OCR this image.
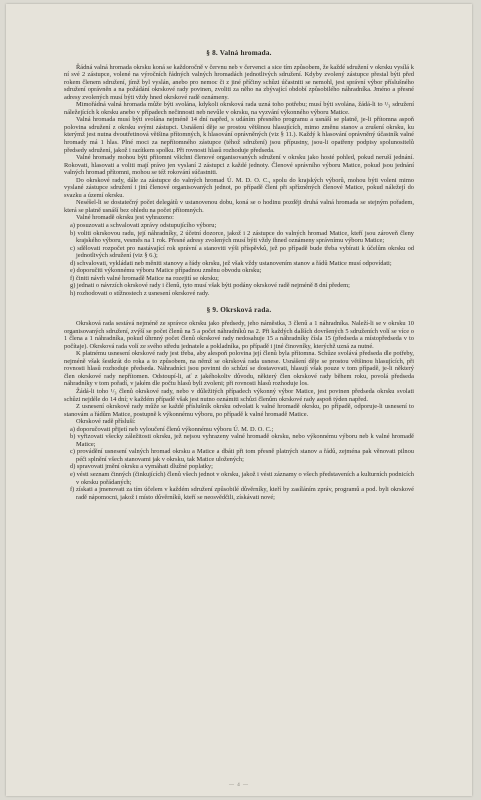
§ 8. Valná hromada.

Řádná valná hromada okrsku koná se každoročně v červnu neb v červenci a sice tím způsobem, že každé sdružení v okrsku vysílá k ní své 2 zástupce, volené na výročních řádných valných hromadách jednotlivých sdružení. Kdyby zvolený zástupce přestal býti před rokem členem sdružení, jímž byl vyslán, anebo pro nemoc či z jiné příčiny schůzi účastniti se nemohl, jest správní výbor příslušného sdružení oprávněn a na požádání okrskové rady povinen, zvoliti za něho na zbývající období způsobilého náhradníka. Jméno a přesné adresy zvolených musí býti vždy hned okrskové radě oznámeny.

Mimořádná valná hromada může býti svolána, kdykoli okrsková rada uzná toho potřebu; musí býti svolána, žádá-li to ¹/₃ sdružení náležejících k okrsku anebo v případech nečinnosti neb nevůle v okrsku, na vyzvání výkonného výboru Matice.

Valná hromada musí býti svolána nejméně 14 dní napřed, s udáním přesného programu a usnáší se platně, je-li přítomna aspoň polovina sdružení z okrsku svými zástupci. Usnášení děje se prostou většinou hlasujících, mimo změnu stanov a zrušení okrsku, ku kterýmž jest nutna dvoutřetinová většina přítomných, k hlasování oprávněných (viz § 11.). Každý k hlasování oprávněný účastník valné hromady má 1 hlas. Plné moci za nepřítomného zástupce (téhož sdružení) jsou přípustny, jsou-li opatřeny podpisy spolunositelů předsedy sdružení, jakož i razítkem spolku. Při rovnosti hlasů rozhoduje předseda.

Valné hromady mohou býti přítomni všichni členové organisovaných sdružení v okrsku jako hosté pohled, pokud neruší jednání. Rokovati, hlasovati a voliti mají právo jen vyslaní 2 zástupci z každé jednoty. Členové správního výboru Matice, pokud jsou jednání valných hromad přítomni, mohou se též rokování súčastniti.

Do okrskové rady, dále za zástupce do valných hromad Ú. M. D. O. C., spolu do krajských výborů, mohou býti voleni mimo vyslané zástupce sdružení i jiní členové organisovaných jednot, po případě členi při spřízněných členové Matice, pokud náležejí do svazku a území okrsku.

Neséšel-li se dostatečný počet delegátů v ustanovenou dobu, koná se o hodinu později druhá valná hromada se stejným pořadem, která se platně usnáší bez ohledu na počet přítomných.

Valné hromadě okrsku jest vyhrazeno:

a) posuzovati a schvalovati zprávy odstupujícího výboru;
b) voliti okrskovou radu, její náhradníky, 2 účetní dozorce, jakož i 2 zástupce do valných hromad Matice, kteří jsou zároveň členy krajského výboru, vesměs na 1 rok. Přesné adresy zvolených musí býti vždy ihned oznámeny správnímu výboru Matice;
c) sdělovati rozpočet pro nastávající rok správní a stanoviti výši příspěvků, jež po případě bude třeba vybírati k účelům okrsku od jednotlivých sdružení (viz § 6.);
d) schvalovati, vykládati neb měniti stanovy a řády okrsku, jež však vždy ustanovením stanov a řádů Matice musí odpovídati;
e) doporučiti výkonnému výboru Matice případnou změnu obvodu okrsku;
f) činiti návrh valné hromadě Matice na rozejití se okrsku;
g) jednati o návrzích okrskové rady i členů, tyto musí však býti podány okrskové radě nejméně 8 dní předem;
h) rozhodovati o stížnostech z usnesení okrskové rady.
§ 9. Okrsková rada.

Okrsková rada sestává nejméně ze správce okrsku jako předsedy, jeho náměstka, 3 členů a 1 náhradníka. Naleží-li se v okrsku 10 organisovaných sdružení, zvýší se počet členů na 5 a počet náhradníků na 2. Při každých dalších dovršených 5 sdruženích volí se více o 1 člena a 1 náhradníka, pokud úhrnný počet členů okrskové rady nedosahuje 15 a náhradníky čísla 15 (předseda a místopředseda v to počítaje). Okrsková rada volí ze svého středu jednatele a pokladníka, po případě i jiné činovníky, kterýchž uzná za nutné.

K platnému usnesení okrskové rady jest třeba, aby alespoň polovina její členů byla přítomna. Schůze svolává předseda dle potřeby, nejméně však šestkrát do roka a to způsobem, na němž se okrsková rada usnese. Usnášení děje se prostou většinou hlasujících, při rovnosti hlasů rozhoduje předseda. Náhradníci jsou povinni do schůzí se dostavovati, hlasují však pouze v tom případě, je-li některý člen okrskové rady nepřítomen. Odstoupí-li, ať z jakéhokoliv důvodu, některý člen okrskové rady během roku, povolá předseda náhradníky v tom pořadí, v jakém dle počtu hlasů byli zvoleni; při rovnosti hlasů rozhoduje los.

Žádá-li toho ¹/₃ členů okrskové rady, nebo v důležitých případech výkonný výbor Matice, jest povinen předseda okrsku svolati schůzi nejdéle do 14 dní; v každém případě však jest nutno oznámiti schůzi členům okrskové rady aspoň týden napřed.

Z usnesení okrskové rady může se každé příslušník okrsku odvolati k valné hromadě okrsku, po případě, odporuje-li usnesení to stanovám a řádům Matice, postupně k výkonnému výboru, po případě k valné hromadě Matice.

Okrskové radě přísluší:

a) doporučovati přijetí neb vyloučení členů výkonnému výboru Ú. M. D. O. C.;
b) vyřizovati všecky záležitosti okrsku, jež nejsou vyhrazeny valné hromadě okrsku, nebo výkonnému výboru neb k valné hromadě Matice;
c) provádění usnesení valných hromad okrsku a Matice a dbáti při tom přesně platných stanov a řádů, zejména pak věnovati pilnou péči splnění všech stanovami jak v okrsku, tak Matice uložených;
d) spravovati jmění okrsku a vymáhati dlužné poplatky;
e) vésti seznam činných (činkujících) členů všech jednot v okrsku, jakož i vésti záznamy o všech představeních a kulturních podnicích v okrsku pořádaných;
f) získati a jmenovati za tím účelem v každém sdružení způsobilé důvěrníky, kteří by zasíláním zpráv, programů a pod. byli okrskové radě nápomocni, jakož i místo důvěrníků, kteří se neosvědčili, získávati nové;
— 4 —
